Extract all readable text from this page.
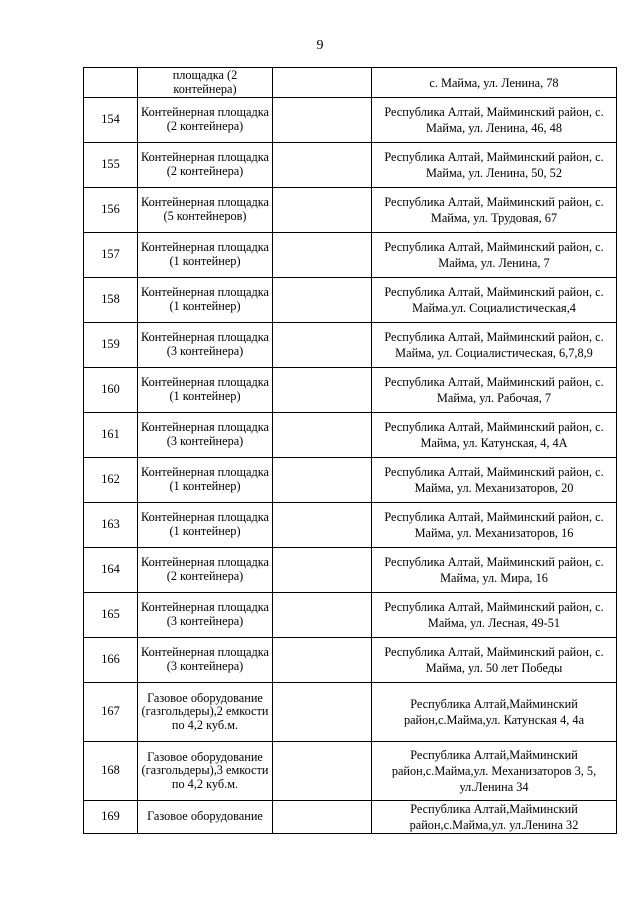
9
	площадка (2 контейнера)		с. Майма, ул. Ленина, 78
154	Контейнерная площадка (2 контейнера)		Республика Алтай, Майминский район, с. Майма, ул. Ленина, 46, 48
155	Контейнерная площадка (2 контейнера)		Республика Алтай, Майминский район, с. Майма, ул. Ленина, 50, 52
156	Контейнерная площадка (5 контейнеров)		Республика Алтай, Майминский район, с. Майма, ул. Трудовая, 67
157	Контейнерная площадка (1 контейнер)		Республика Алтай, Майминский район, с. Майма, ул. Ленина, 7
158	Контейнерная площадка (1 контейнер)		Республика Алтай, Майминский район, с. Майма.ул. Социалистическая,4
159	Контейнерная площадка (3 контейнера)		Республика Алтай, Майминский район, с. Майма, ул. Социалистическая, 6,7,8,9
160	Контейнерная площадка (1 контейнер)		Республика Алтай, Майминский район, с. Майма, ул. Рабочая, 7
161	Контейнерная площадка (3 контейнера)		Республика Алтай, Майминский район, с. Майма, ул. Катунская, 4, 4А
162	Контейнерная площадка (1 контейнер)		Республика Алтай, Майминский район, с. Майма, ул. Механизаторов, 20
163	Контейнерная площадка (1 контейнер)		Республика Алтай, Майминский район, с. Майма, ул. Механизаторов, 16
164	Контейнерная площадка (2 контейнера)		Республика Алтай, Майминский район, с. Майма, ул. Мира, 16
165	Контейнерная площадка (3 контейнера)		Республика Алтай, Майминский район, с. Майма, ул. Лесная, 49-51
166	Контейнерная площадка (3 контейнера)		Республика Алтай, Майминский район, с. Майма, ул. 50 лет Победы
167	Газовое оборудование (газгольдеры),2 емкости по 4,2 куб.м.		Республика Алтай,Майминский район,с.Майма,ул. Катунская 4, 4а
168	Газовое оборудование (газгольдеры),3 емкости по 4,2 куб.м.		Республика Алтай,Майминский район,с.Майма,ул. Механизаторов 3, 5, ул.Ленина 34
169	Газовое оборудование		Республика Алтай,Майминский район,с.Майма,ул. ул.Ленина 32
